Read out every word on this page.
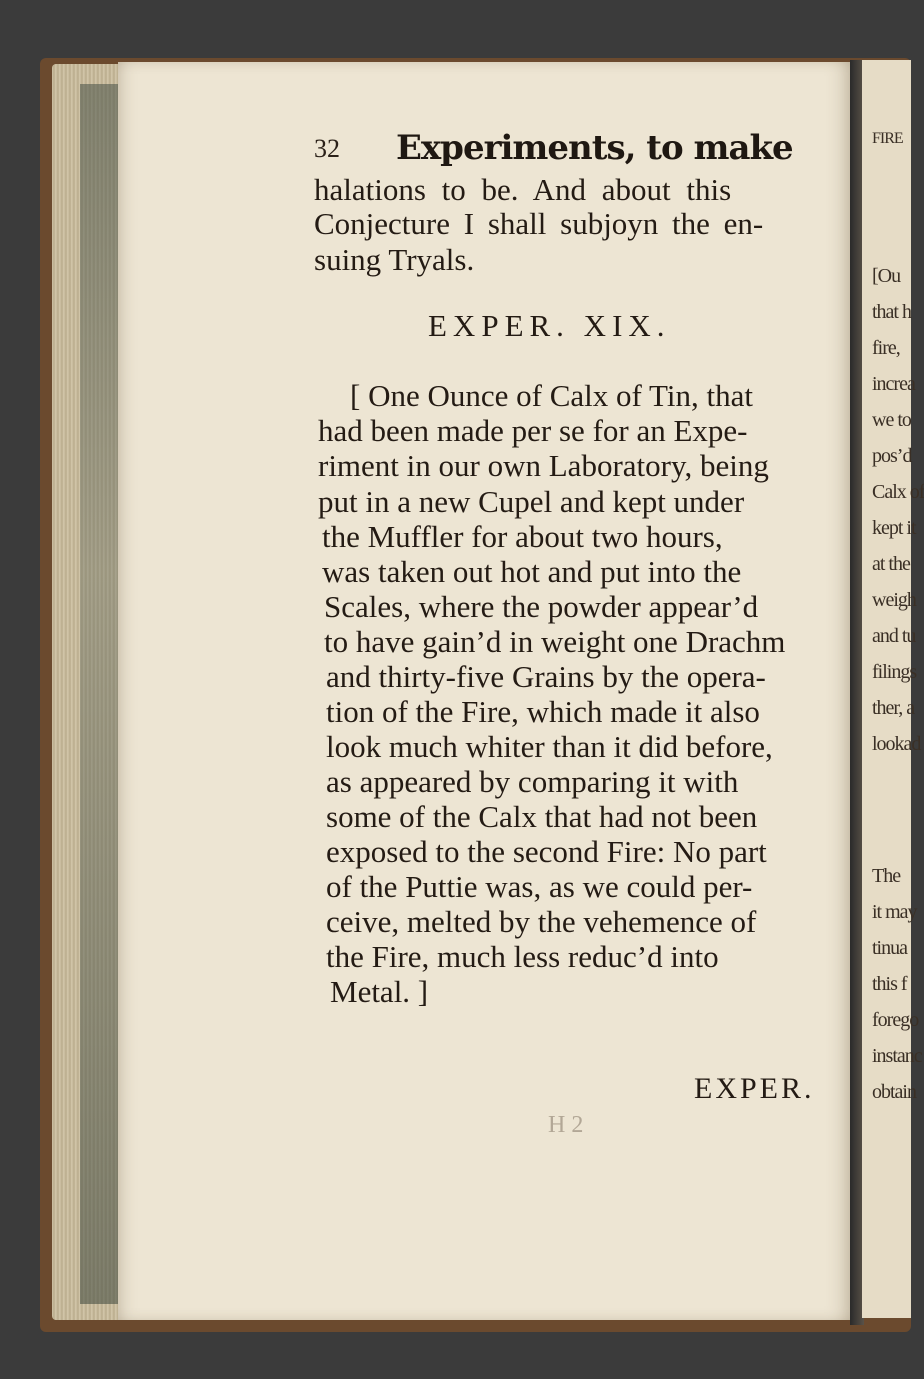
FIRE
[Ou
that h
fire,
increa
we to
pos’d
Calx of
kept it
at the
weigh
and tu
filings
ther, a
lookad
The
it may
tinua
this f
forego
instanc
obtain
32 Experiments, to make
halations to be. And about this
Conjecture I shall subjoyn the en-
suing Tryals.
EXPER. XIX.
[ One Ounce of Calx of Tin, that
had been made per se for an Expe-
riment in our own Laboratory, being
put in a new Cupel and kept under
the Muffler for about two hours,
was taken out hot and put into the
Scales, where the powder appear’d
to have gain’d in weight one Drachm
and thirty-five Grains by the opera-
tion of the Fire, which made it also
look much whiter than it did before,
as appeared by comparing it with
some of the Calx that had not been
exposed to the second Fire: No part
of the Puttie was, as we could per-
ceive, melted by the vehemence of
the Fire, much less reduc’d into
Metal. ]
EXPER.
H 2
